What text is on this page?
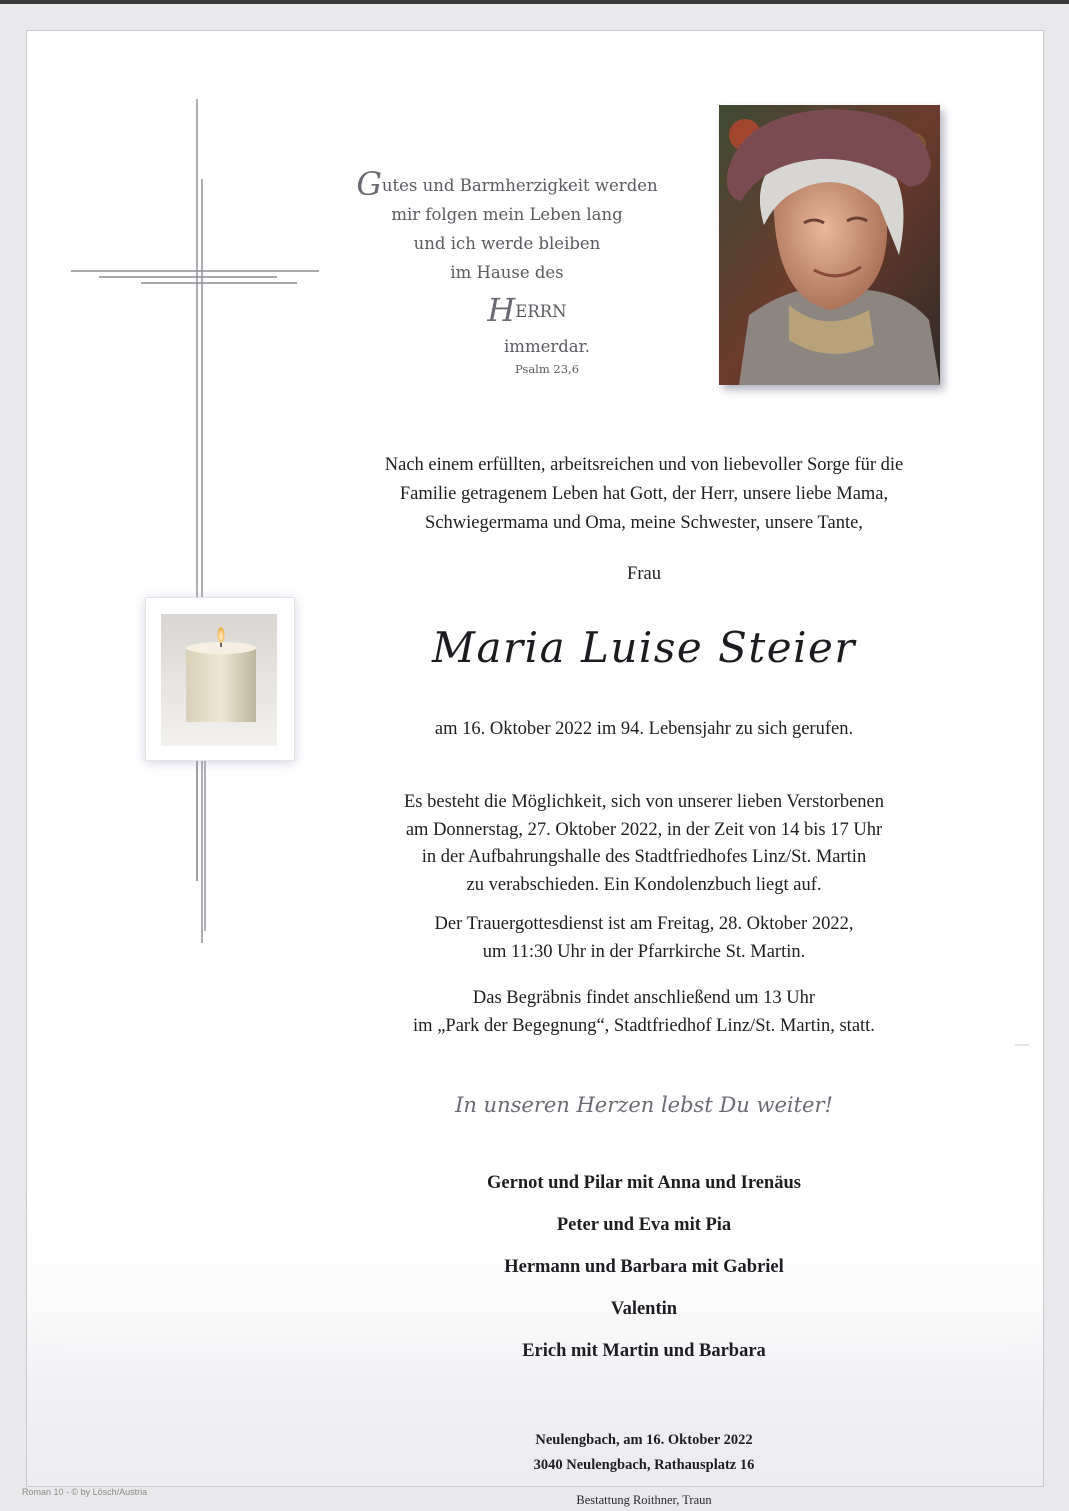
Gutes und Barmherzigkeit werden
mir folgen mein Leben lang
und ich werde bleiben
im Hause des
HERRN
immerdar.
Psalm 23,6
Nach einem erfüllten, arbeitsreichen und von liebevoller Sorge für die
Familie getragenem Leben hat Gott, der Herr, unsere liebe Mama,
Schwiegermama und Oma, meine Schwester, unsere Tante,
Frau
Maria Luise Steier
am 16. Oktober 2022 im 94. Lebensjahr zu sich gerufen.
Es besteht die Möglichkeit, sich von unserer lieben Verstorbenen
am Donnerstag, 27. Oktober 2022, in der Zeit von 14 bis 17 Uhr
in der Aufbahrungshalle des Stadtfriedhofes Linz/St. Martin
zu verabschieden. Ein Kondolenzbuch liegt auf.
Der Trauergottesdienst ist am Freitag, 28. Oktober 2022,
um 11:30 Uhr in der Pfarrkirche St. Martin.
Das Begräbnis findet anschließend um 13 Uhr
im „Park der Begegnung“, Stadtfriedhof Linz/St. Martin, statt.
In unseren Herzen lebst Du weiter!
Gernot und Pilar mit Anna und Irenäus
Peter und Eva mit Pia
Hermann und Barbara mit Gabriel
Valentin
Erich mit Martin und Barbara
Neulengbach, am 16. Oktober 2022
3040 Neulengbach, Rathausplatz 16
Bestattung Roithner, Traun
Roman 10 - © by Lösch/Austria
